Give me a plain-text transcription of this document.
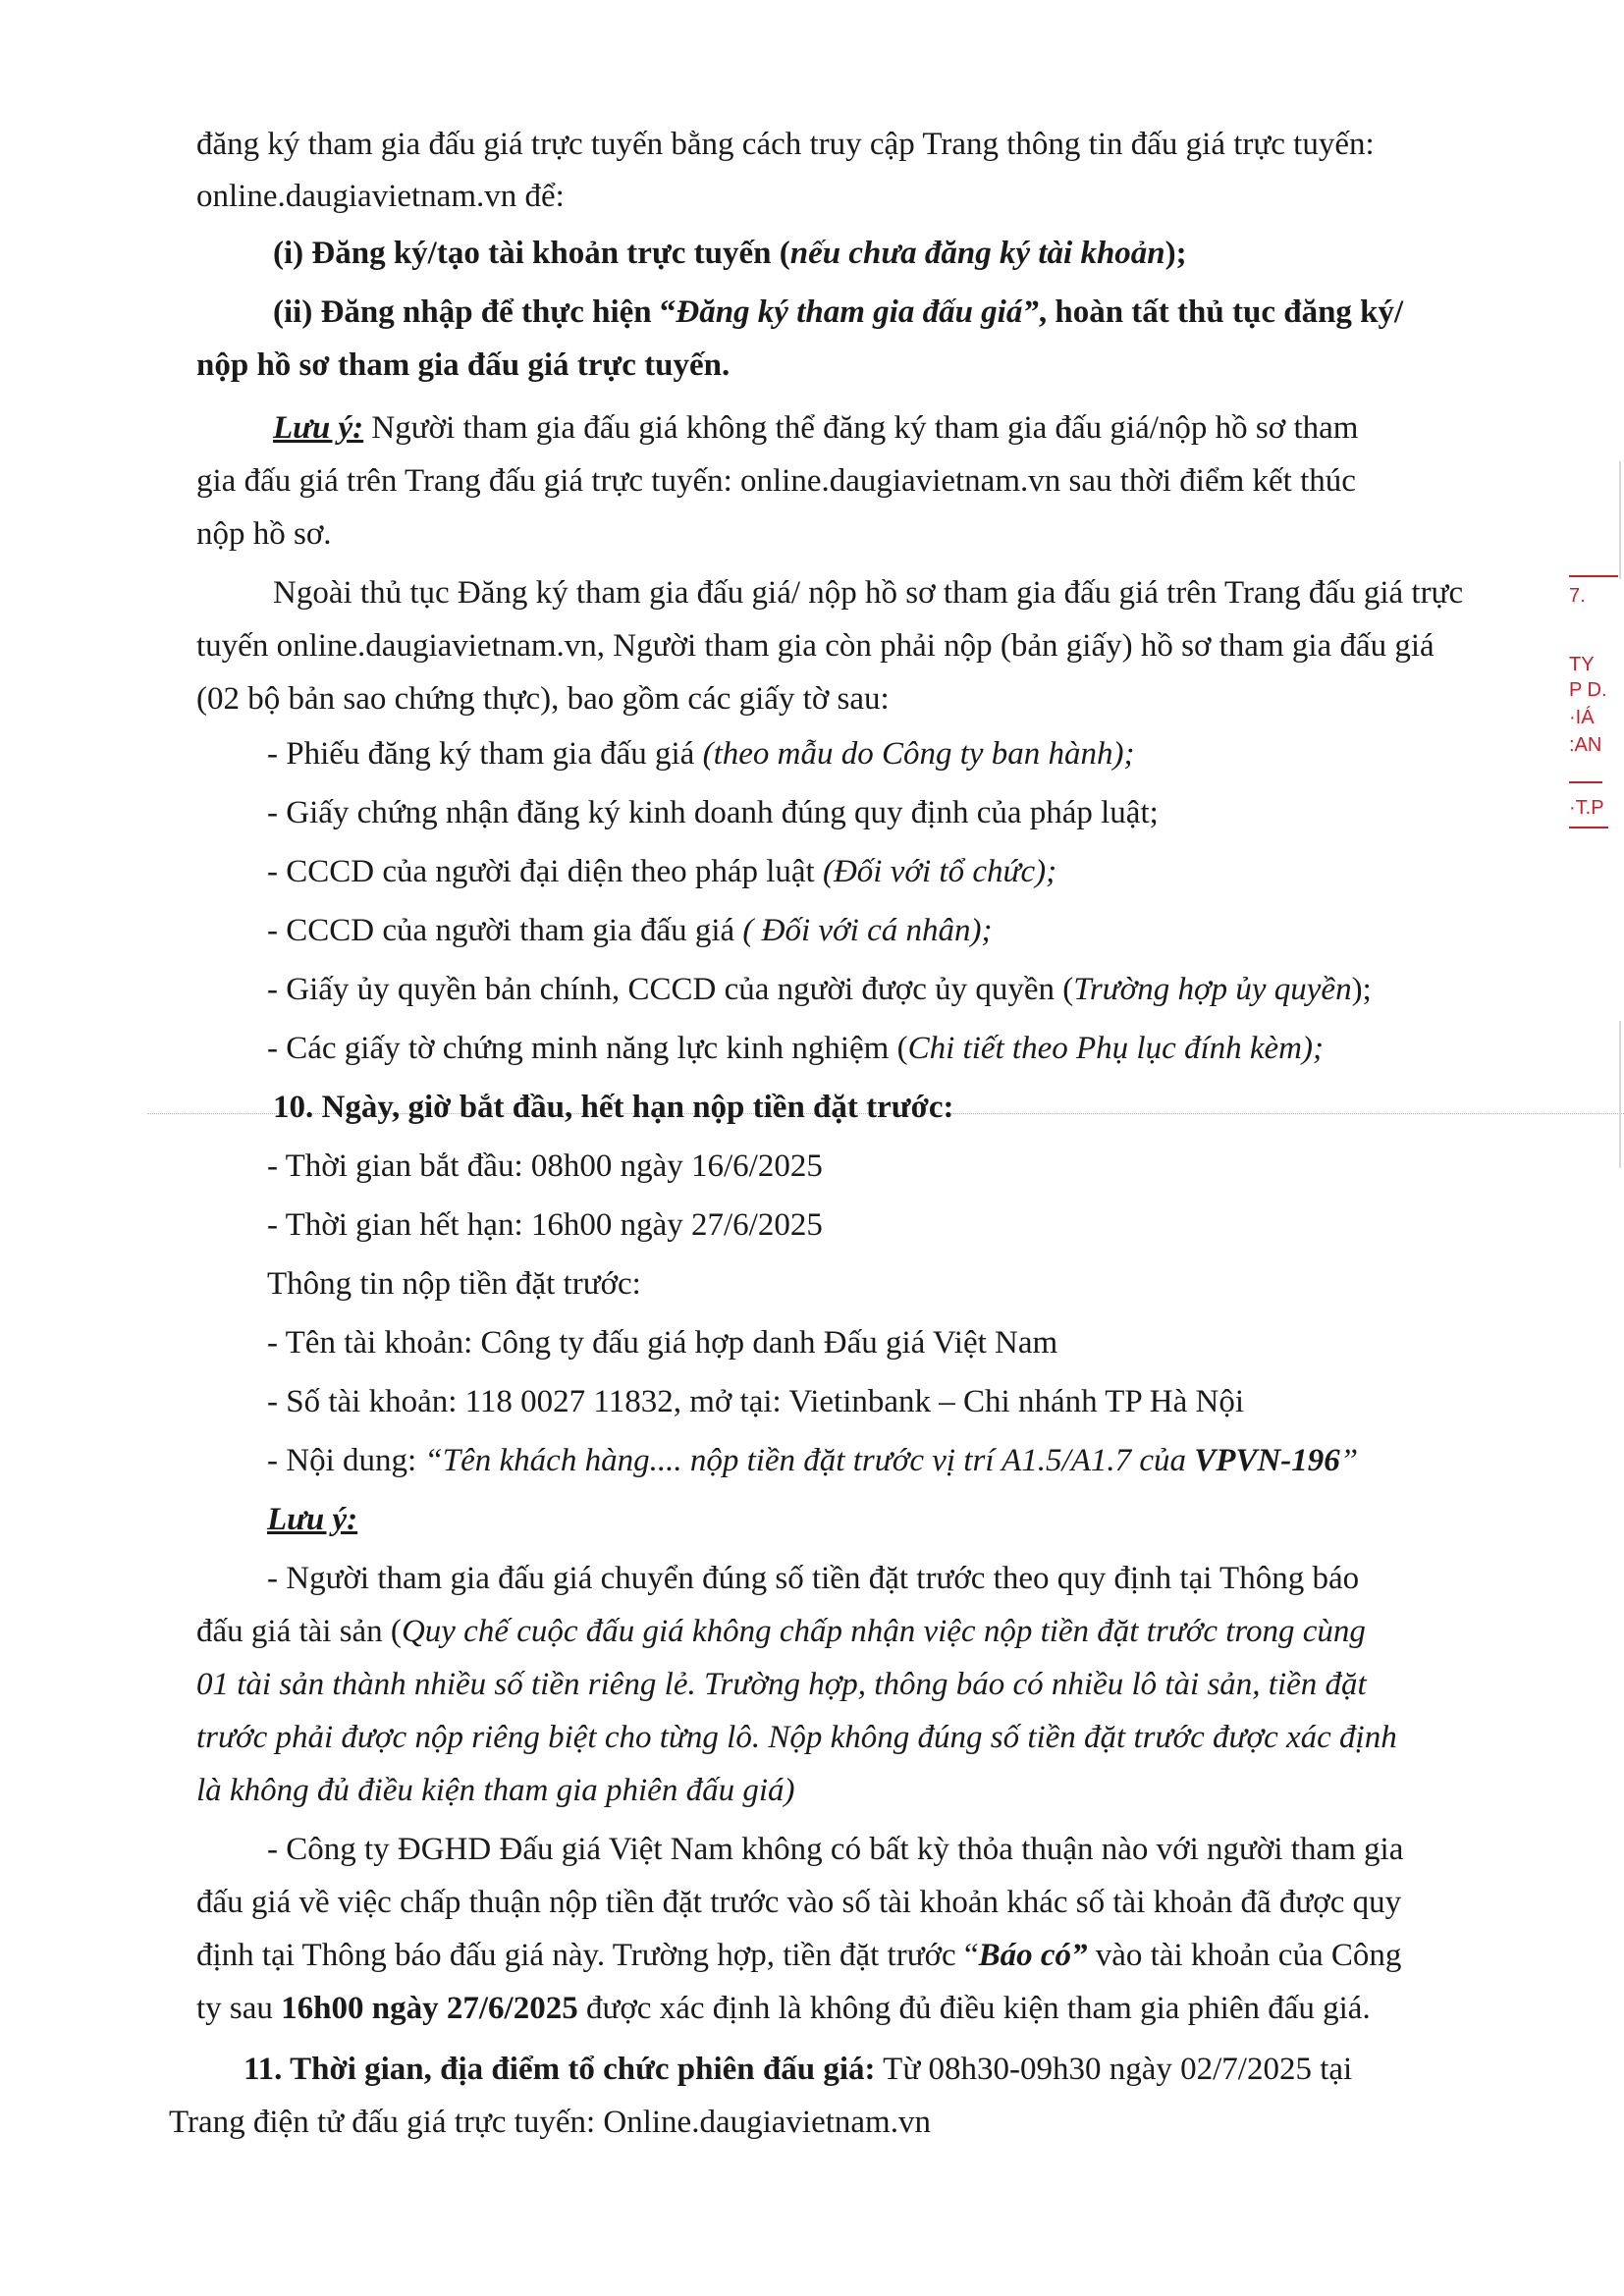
đăng ký tham gia đấu giá trực tuyến bằng cách truy cập Trang thông tin đấu giá trực tuyến:
online.daugiavietnam.vn để:
(i) Đăng ký/tạo tài khoản trực tuyến (nếu chưa đăng ký tài khoản);
(ii) Đăng nhập để thực hiện “Đăng ký tham gia đấu giá”, hoàn tất thủ tục đăng ký/
nộp hồ sơ tham gia đấu giá trực tuyến.
Lưu ý: Người tham gia đấu giá không thể đăng ký tham gia đấu giá/nộp hồ sơ tham
gia đấu giá trên Trang đấu giá trực tuyến: online.daugiavietnam.vn sau thời điểm kết thúc
nộp hồ sơ.
Ngoài thủ tục Đăng ký tham gia đấu giá/ nộp hồ sơ tham gia đấu giá trên Trang đấu giá trực
tuyến online.daugiavietnam.vn, Người tham gia còn phải nộp (bản giấy) hồ sơ tham gia đấu giá
(02 bộ bản sao chứng thực), bao gồm các giấy tờ sau:
- Phiếu đăng ký tham gia đấu giá (theo mẫu do Công ty ban hành);
- Giấy chứng nhận đăng ký kinh doanh đúng quy định của pháp luật;
- CCCD của người đại diện theo pháp luật (Đối với tổ chức);
- CCCD của người tham gia đấu giá ( Đối với cá nhân);
- Giấy ủy quyền bản chính, CCCD của người được ủy quyền (Trường hợp ủy quyền);
- Các giấy tờ chứng minh năng lực kinh nghiệm (Chi tiết theo Phụ lục đính kèm);
10. Ngày, giờ bắt đầu, hết hạn nộp tiền đặt trước:
- Thời gian bắt đầu: 08h00 ngày 16/6/2025
- Thời gian hết hạn: 16h00 ngày 27/6/2025
Thông tin nộp tiền đặt trước:
- Tên tài khoản: Công ty đấu giá hợp danh Đấu giá Việt Nam
- Số tài khoản: 118 0027 11832, mở tại: Vietinbank – Chi nhánh TP Hà Nội
- Nội dung: “Tên khách hàng.... nộp tiền đặt trước vị trí A1.5/A1.7 của VPVN-196”
Lưu ý:
- Người tham gia đấu giá chuyển đúng số tiền đặt trước theo quy định tại Thông báo
đấu giá tài sản (Quy chế cuộc đấu giá không chấp nhận việc nộp tiền đặt trước trong cùng
01 tài sản thành nhiều số tiền riêng lẻ. Trường hợp, thông báo có nhiều lô tài sản, tiền đặt
trước phải được nộp riêng biệt cho từng lô. Nộp không đúng số tiền đặt trước được xác định
là không đủ điều kiện tham gia phiên đấu giá)
- Công ty ĐGHD Đấu giá Việt Nam không có bất kỳ thỏa thuận nào với người tham gia
đấu giá về việc chấp thuận nộp tiền đặt trước vào số tài khoản khác số tài khoản đã được quy
định tại Thông báo đấu giá này. Trường hợp, tiền đặt trước “Báo có” vào tài khoản của Công
ty sau 16h00 ngày 27/6/2025 được xác định là không đủ điều kiện tham gia phiên đấu giá.
11. Thời gian, địa điểm tổ chức phiên đấu giá: Từ 08h30-09h30 ngày 02/7/2025 tại
Trang điện tử đấu giá trực tuyến: Online.daugiavietnam.vn
7.
TY
P D.
·IÁ
:AN
·T.P
